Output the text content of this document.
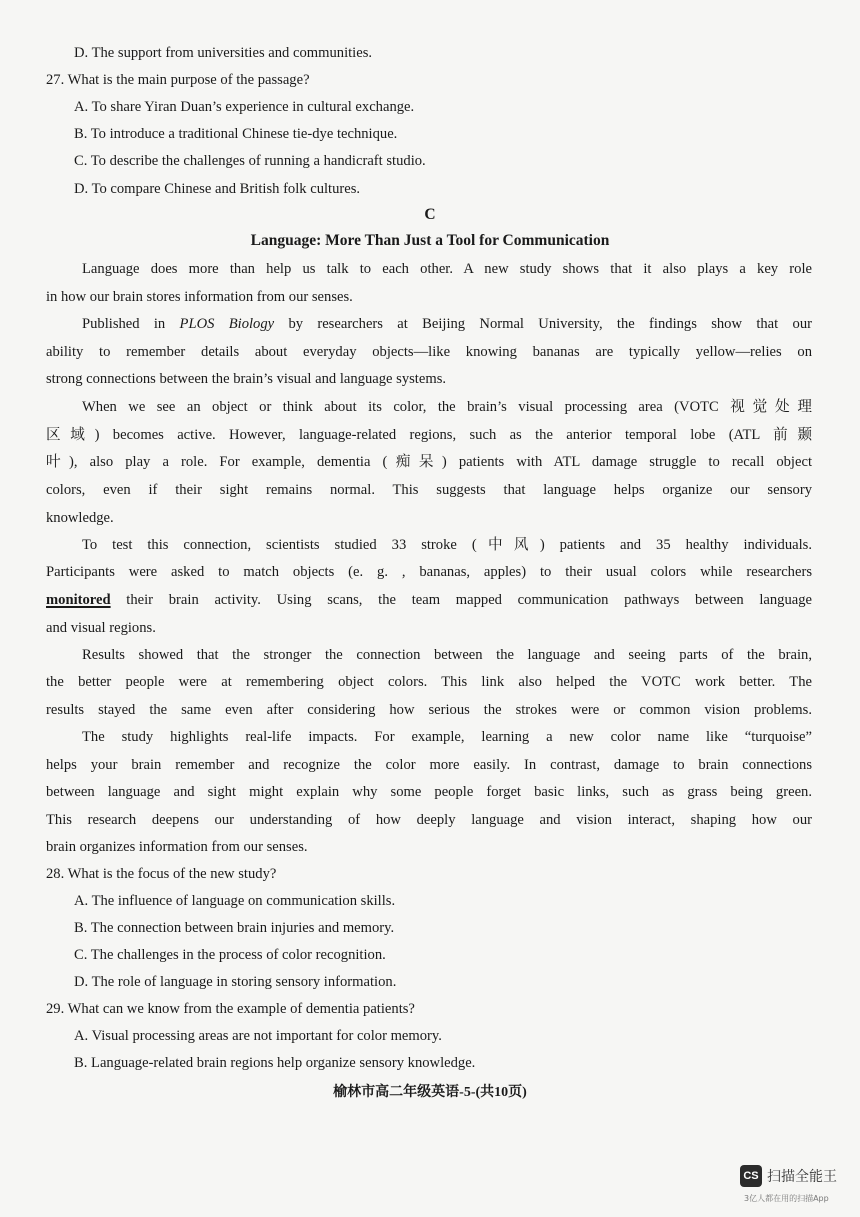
D. The support from universities and communities.
27. What is the main purpose of the passage?
A. To share Yiran Duan’s experience in cultural exchange.
B. To introduce a traditional Chinese tie-dye technique.
C. To describe the challenges of running a handicraft studio.
D. To compare Chinese and British folk cultures.
C
Language: More Than Just a Tool for Communication
Language does more than help us talk to each other. A new study shows that it also plays a key role
in how our brain stores information from our senses.
Published in PLOS Biology by researchers at Beijing Normal University, the findings show that our
ability to remember details about everyday objects—like knowing bananas are typically yellow—relies on
strong connections between the brain’s visual and language systems.
When we see an object or think about its color, the brain’s visual processing area (VOTC 视觉处理
区域) becomes active. However, language-related regions, such as the anterior temporal lobe (ATL 前颞
叶), also play a role. For example, dementia (痴呆) patients with ATL damage struggle to recall object
colors, even if their sight remains normal. This suggests that language helps organize our sensory
knowledge.
To test this connection, scientists studied 33 stroke (中风) patients and 35 healthy individuals.
Participants were asked to match objects (e. g. , bananas, apples) to their usual colors while researchers
monitored their brain activity. Using scans, the team mapped communication pathways between language
and visual regions.
Results showed that the stronger the connection between the language and seeing parts of the brain,
the better people were at remembering object colors. This link also helped the VOTC work better. The
results stayed the same even after considering how serious the strokes were or common vision problems.
The study highlights real-life impacts. For example, learning a new color name like “turquoise”
helps your brain remember and recognize the color more easily. In contrast, damage to brain connections
between language and sight might explain why some people forget basic links, such as grass being green.
This research deepens our understanding of how deeply language and vision interact, shaping how our
brain organizes information from our senses.
28. What is the focus of the new study?
A. The influence of language on communication skills.
B. The connection between brain injuries and memory.
C. The challenges in the process of color recognition.
D. The role of language in storing sensory information.
29. What can we know from the example of dementia patients?
A. Visual processing areas are not important for color memory.
B. Language-related brain regions help organize sensory knowledge.
榆林市高二年级英语-5-(共10页)
CS 扫描全能王
3亿人都在用的扫描App
